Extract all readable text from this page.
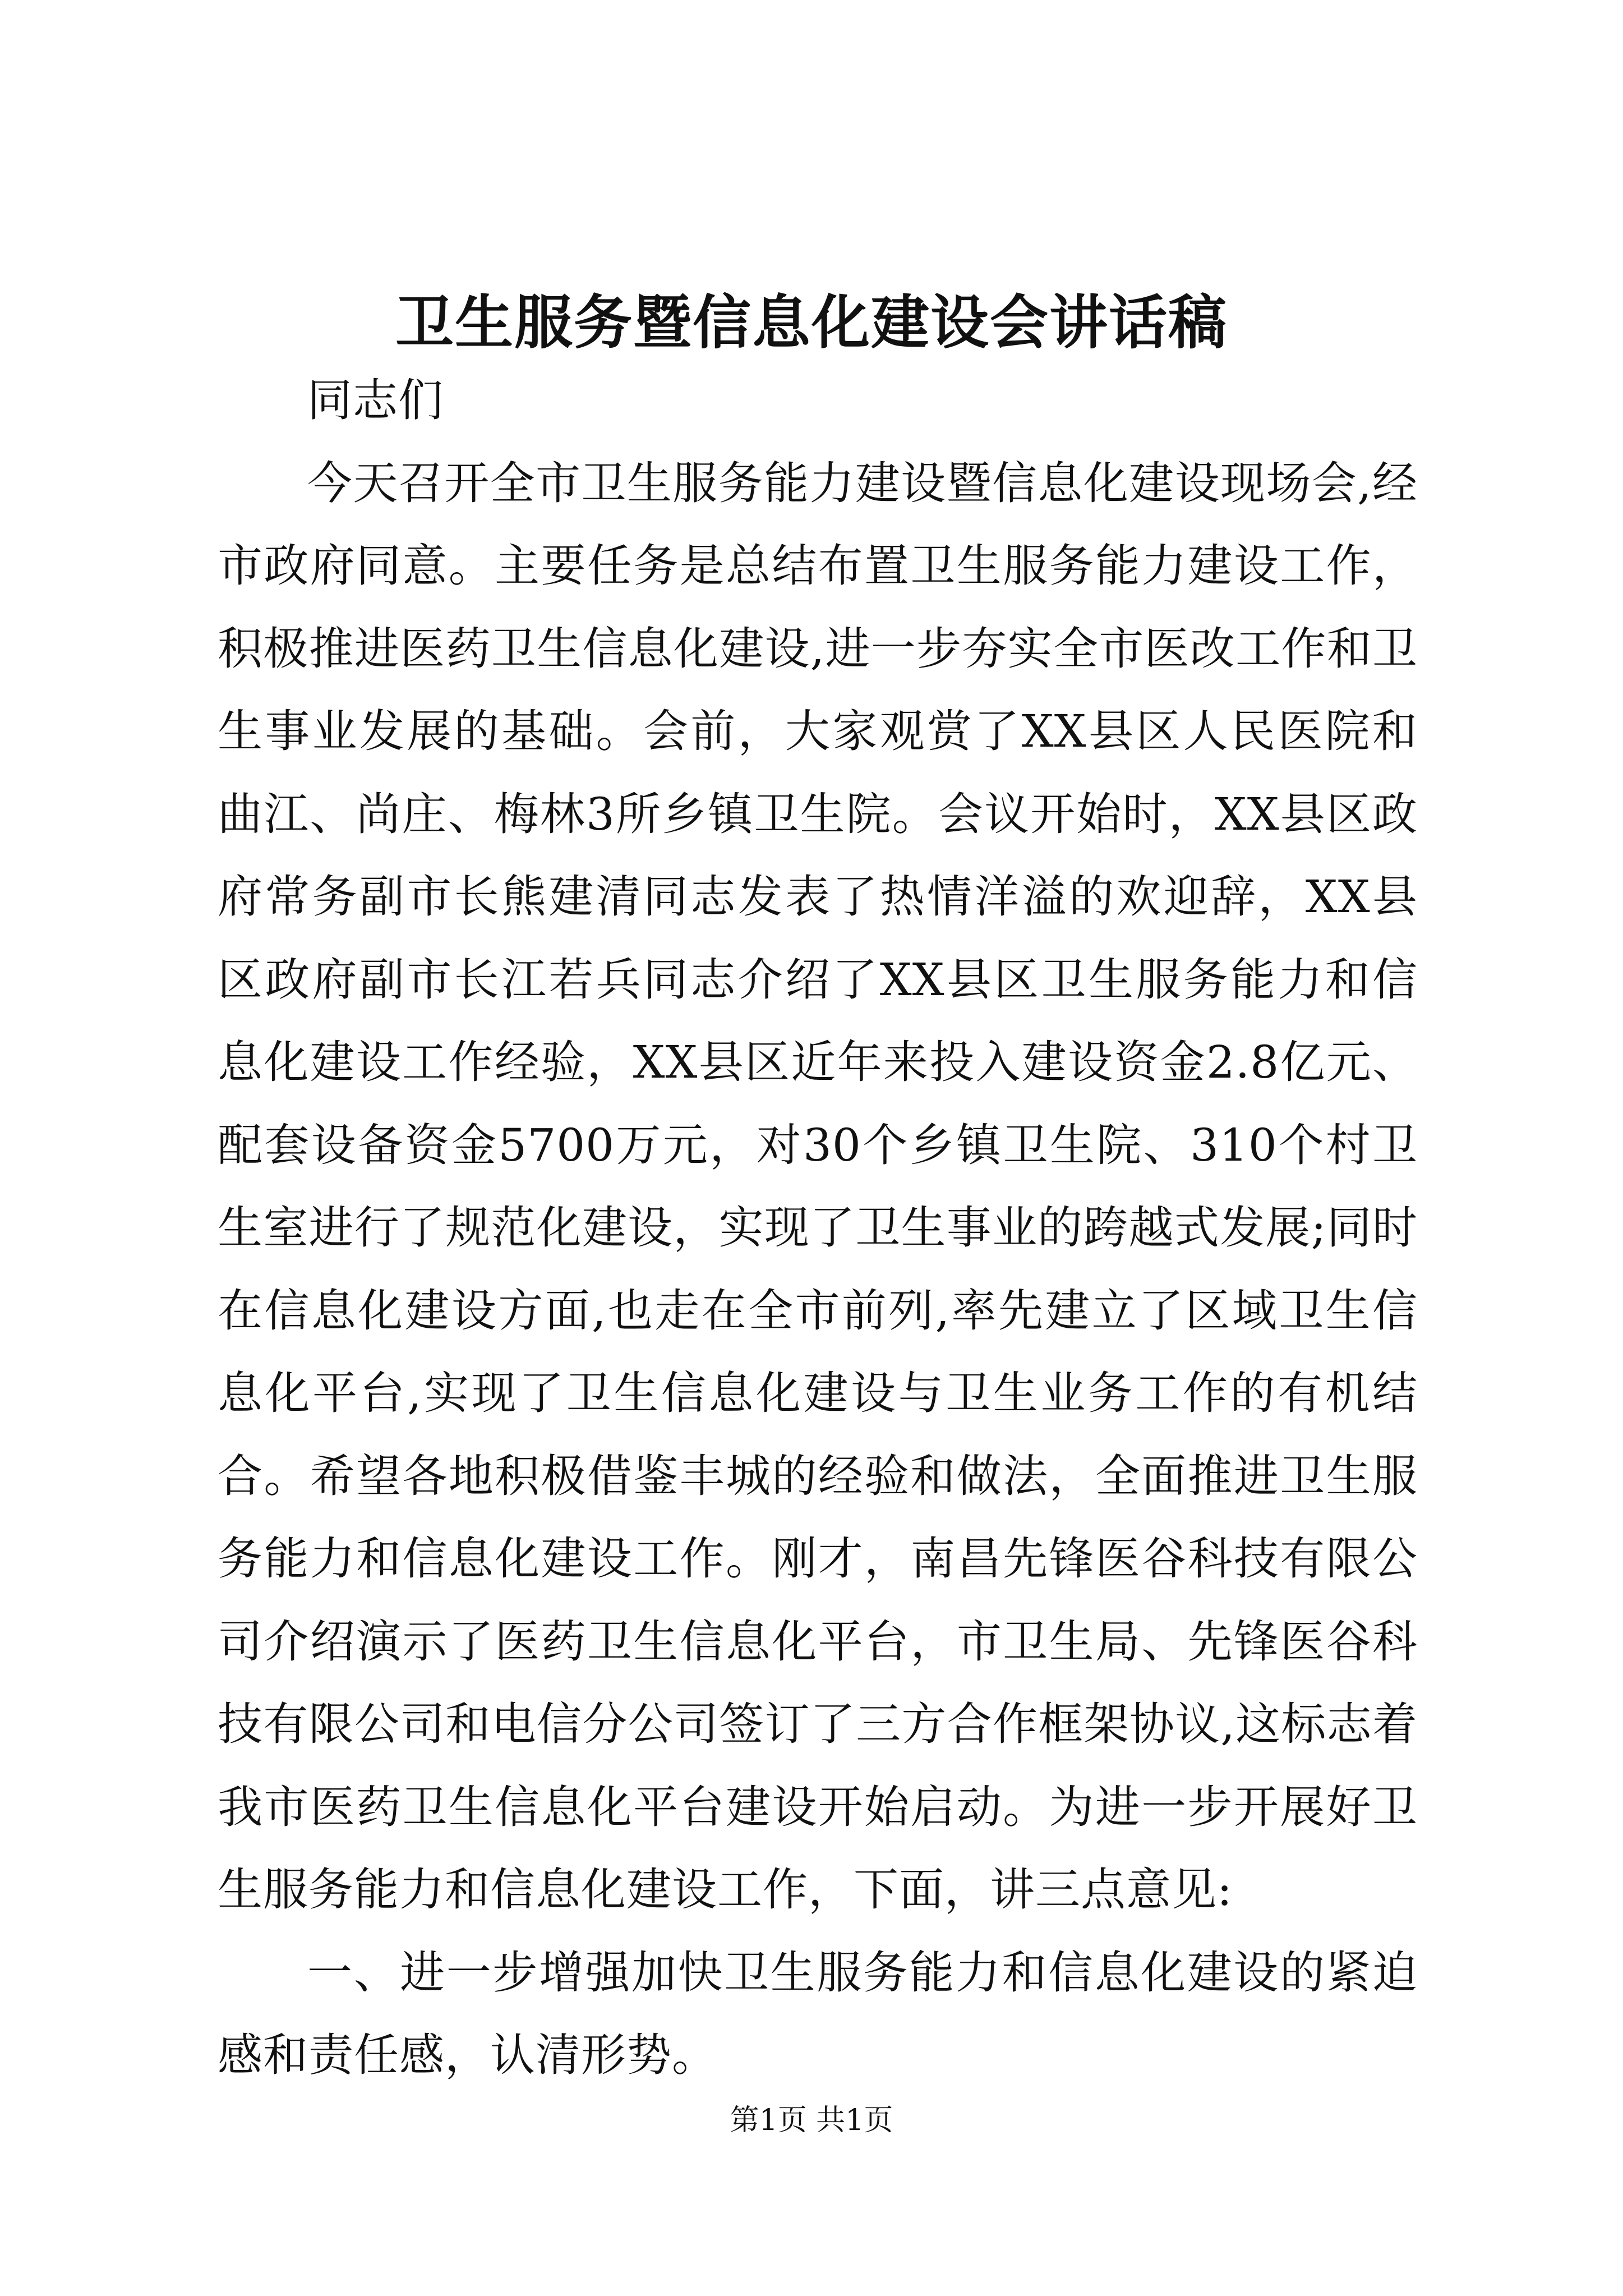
卫生服务暨信息化建设会讲话稿

同志们

今天召开全市卫生服务能力建设暨信息化建设现场会,经市政府同意。主要任务是总结布置卫生服务能力建设工作，积极推进医药卫生信息化建设,进一步夯实全市医改工作和卫生事业发展的基础。会前，大家观赏了XX县区人民医院和曲江、尚庄、梅林3所乡镇卫生院。会议开始时，XX县区政府常务副市长熊建清同志发表了热情洋溢的欢迎辞，XX县区政府副市长江若兵同志介绍了XX县区卫生服务能力和信息化建设工作经验，XX县区近年来投入建设资金2.8亿元、配套设备资金5700万元，对30个乡镇卫生院、310个村卫生室进行了规范化建设，实现了卫生事业的跨越式发展;同时在信息化建设方面,也走在全市前列,率先建立了区域卫生信息化平台,实现了卫生信息化建设与卫生业务工作的有机结合。希望各地积极借鉴丰城的经验和做法，全面推进卫生服务能力和信息化建设工作。刚才，南昌先锋医谷科技有限公司介绍演示了医药卫生信息化平台，市卫生局、先锋医谷科技有限公司和电信分公司签订了三方合作框架协议,这标志着我市医药卫生信息化平台建设开始启动。为进一步开展好卫生服务能力和信息化建设工作，下面，讲三点意见:

一、进一步增强加快卫生服务能力和信息化建设的紧迫感和责任感，认清形势。

第1页 共1页
